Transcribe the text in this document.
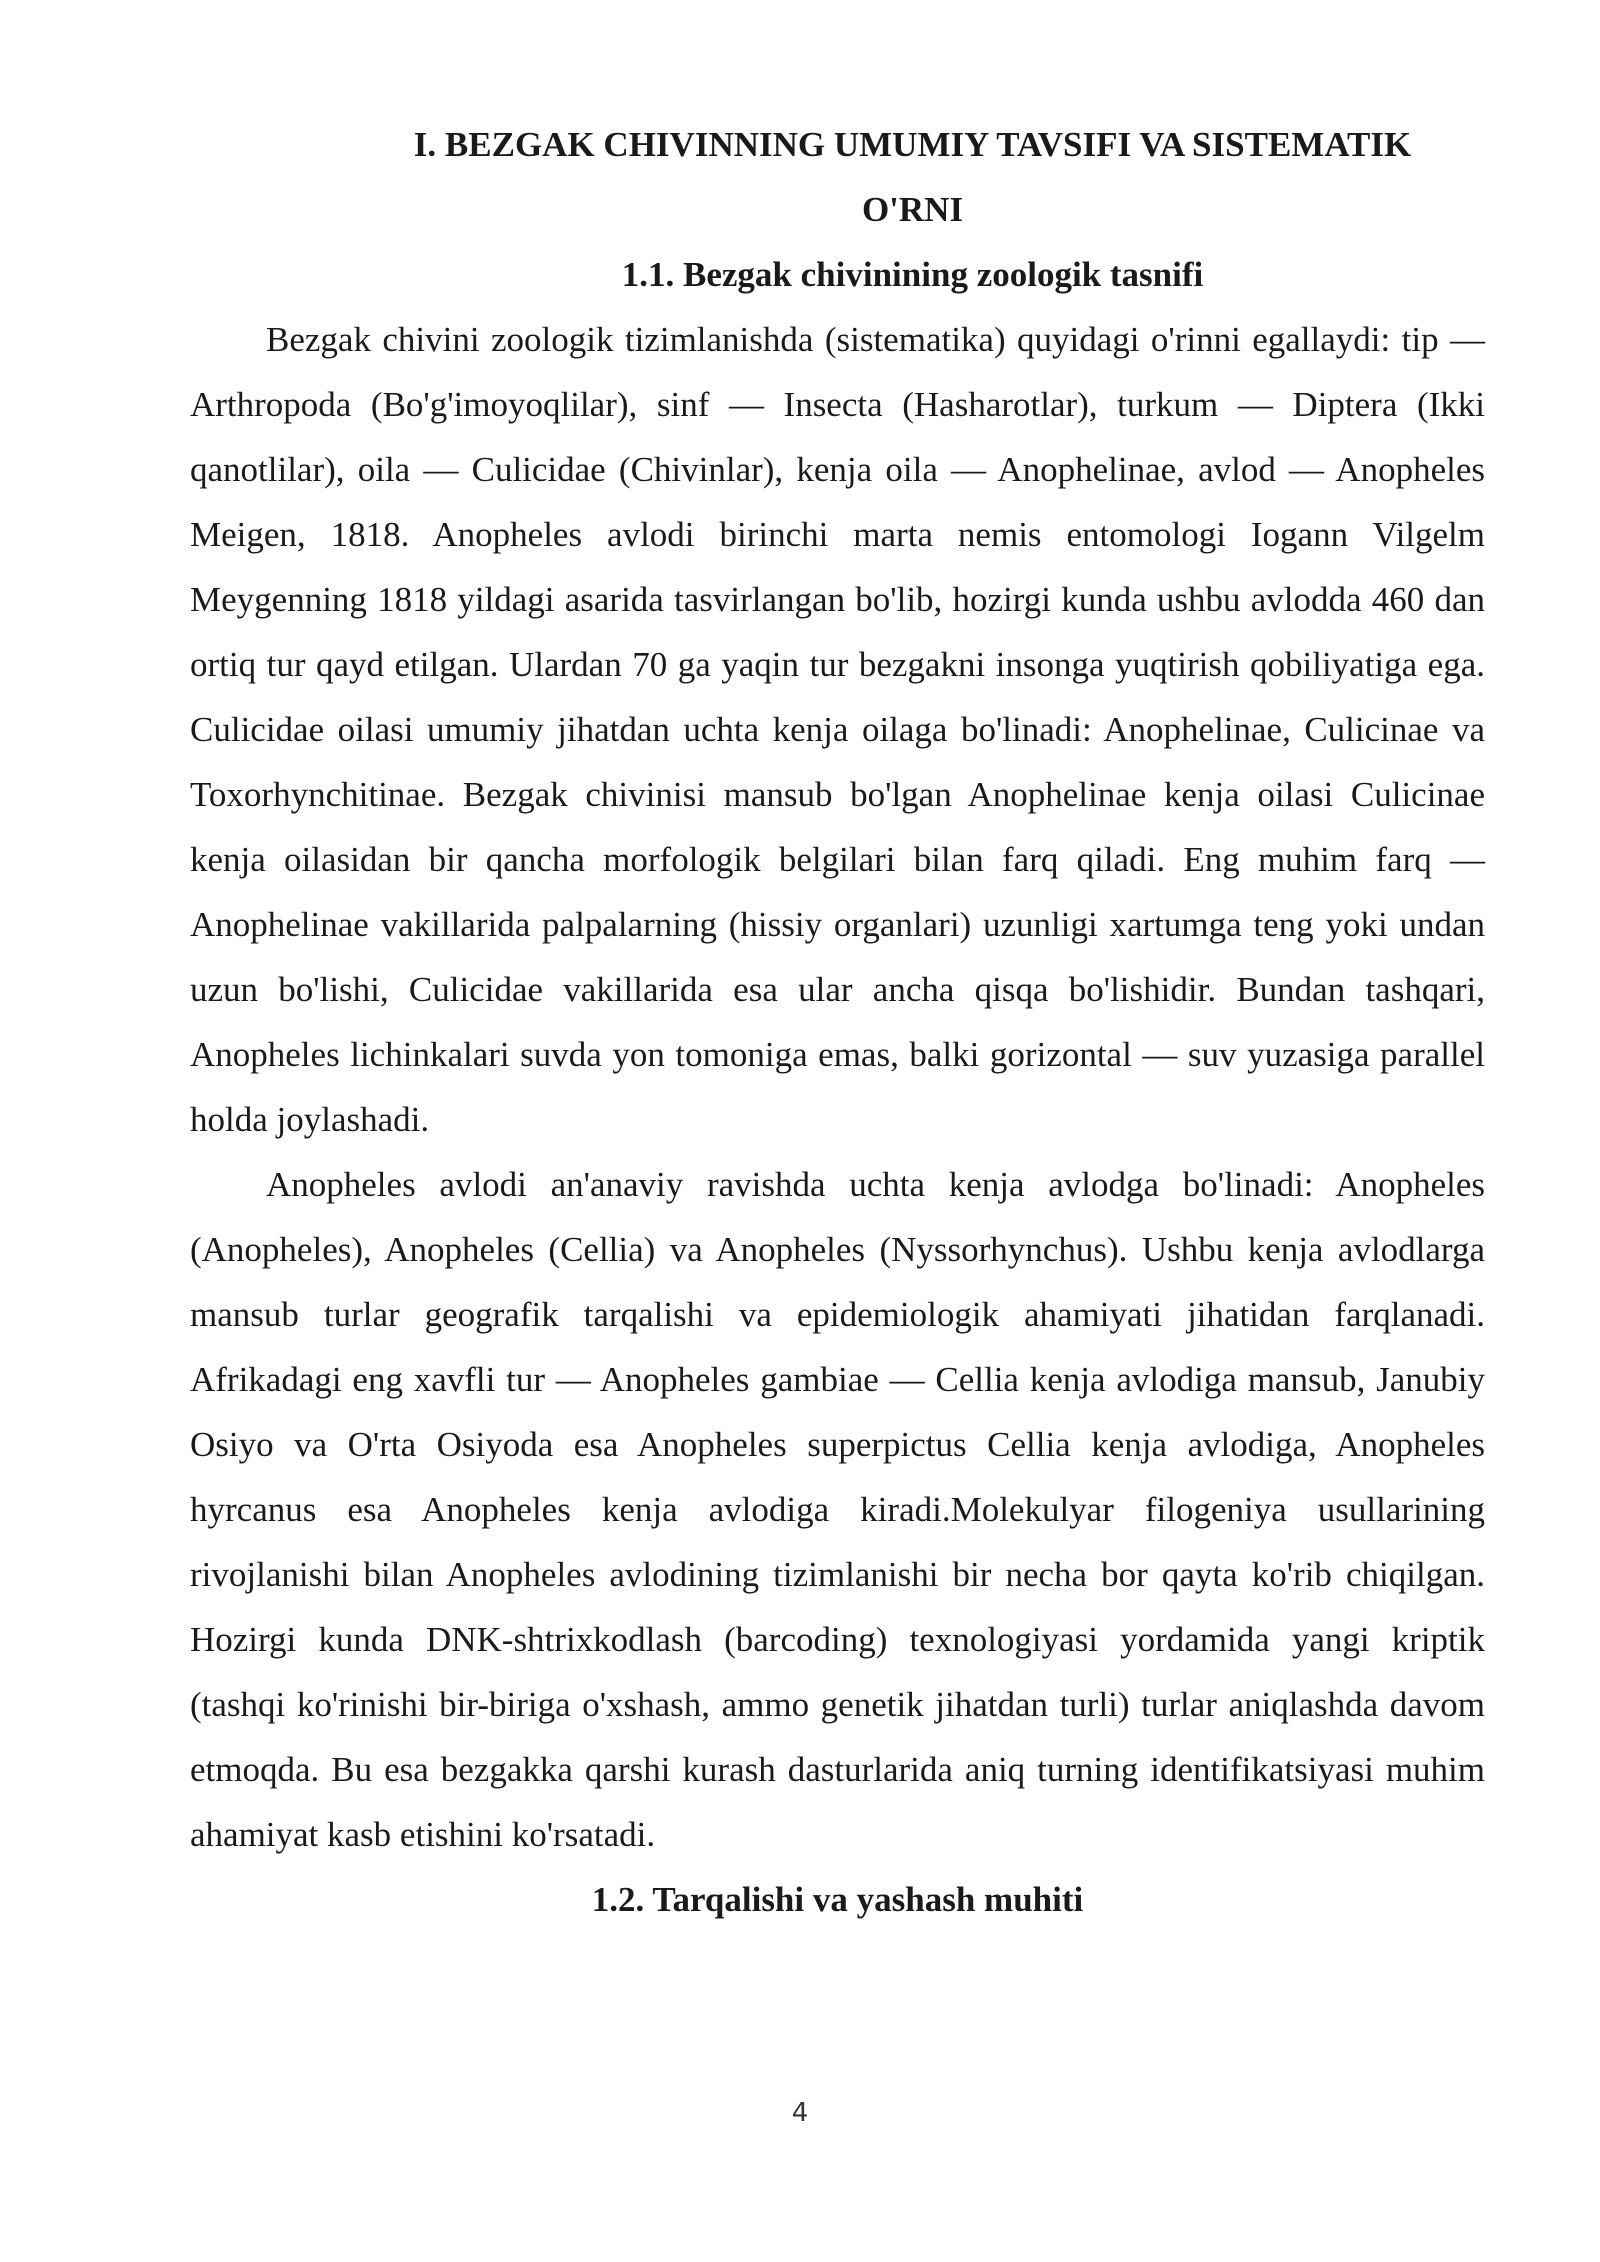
I. BEZGAK CHIVINNING UMUMIY TAVSIFI VA SISTEMATIK
O'RNI
1.1. Bezgak chivinining zoologik tasnifi

Bezgak chivini zoologik tizimlanishda (sistematika) quyidagi o'rinni egallaydi: tip — Arthropoda (Bo'g'imoyoqlilar), sinf — Insecta (Hasharotlar), turkum — Diptera (Ikki qanotlilar), oila — Culicidae (Chivinlar), kenja oila — Anophelinae, avlod — Anopheles Meigen, 1818. Anopheles avlodi birinchi marta nemis entomologi Iogann Vilgelm Meygenning 1818 yildagi asarida tasvirlangan bo'lib, hozirgi kunda ushbu avlodda 460 dan ortiq tur qayd etilgan. Ulardan 70 ga yaqin tur bezgakni insonga yuqtirish qobiliyatiga ega. Culicidae oilasi umumiy jihatdan uchta kenja oilaga bo'linadi: Anophelinae, Culicinae va Toxorhynchitinae. Bezgak chivinisi mansub bo'lgan Anophelinae kenja oilasi Culicinae kenja oilasidan bir qancha morfologik belgilari bilan farq qiladi. Eng muhim farq — Anophelinae vakillarida palpalarning (hissiy organlari) uzunligi xartumga teng yoki undan uzun bo'lishi, Culicidae vakillarida esa ular ancha qisqa bo'lishidir. Bundan tashqari, Anopheles lichinkalari suvda yon tomoniga emas, balki gorizontal — suv yuzasiga parallel holda joylashadi.

Anopheles avlodi an'anaviy ravishda uchta kenja avlodga bo'linadi: Anopheles (Anopheles), Anopheles (Cellia) va Anopheles (Nyssorhynchus). Ushbu kenja avlodlarga mansub turlar geografik tarqalishi va epidemiologik ahamiyati jihatidan farqlanadi. Afrikadagi eng xavfli tur — Anopheles gambiae — Cellia kenja avlodiga mansub, Janubiy Osiyo va O'rta Osiyoda esa Anopheles superpictus Cellia kenja avlodiga, Anopheles hyrcanus esa Anopheles kenja avlodiga kiradi.Molekulyar filogeniya usullarining rivojlanishi bilan Anopheles avlodining tizimlanishi bir necha bor qayta ko'rib chiqilgan. Hozirgi kunda DNK-shtrixkodlash (barcoding) texnologiyasi yordamida yangi kriptik (tashqi ko'rinishi bir-biriga o'xshash, ammo genetik jihatdan turli) turlar aniqlashda davom etmoqda. Bu esa bezgakka qarshi kurash dasturlarida aniq turning identifikatsiyasi muhim ahamiyat kasb etishini ko'rsatadi.

1.2. Tarqalishi va yashash muhiti
4
